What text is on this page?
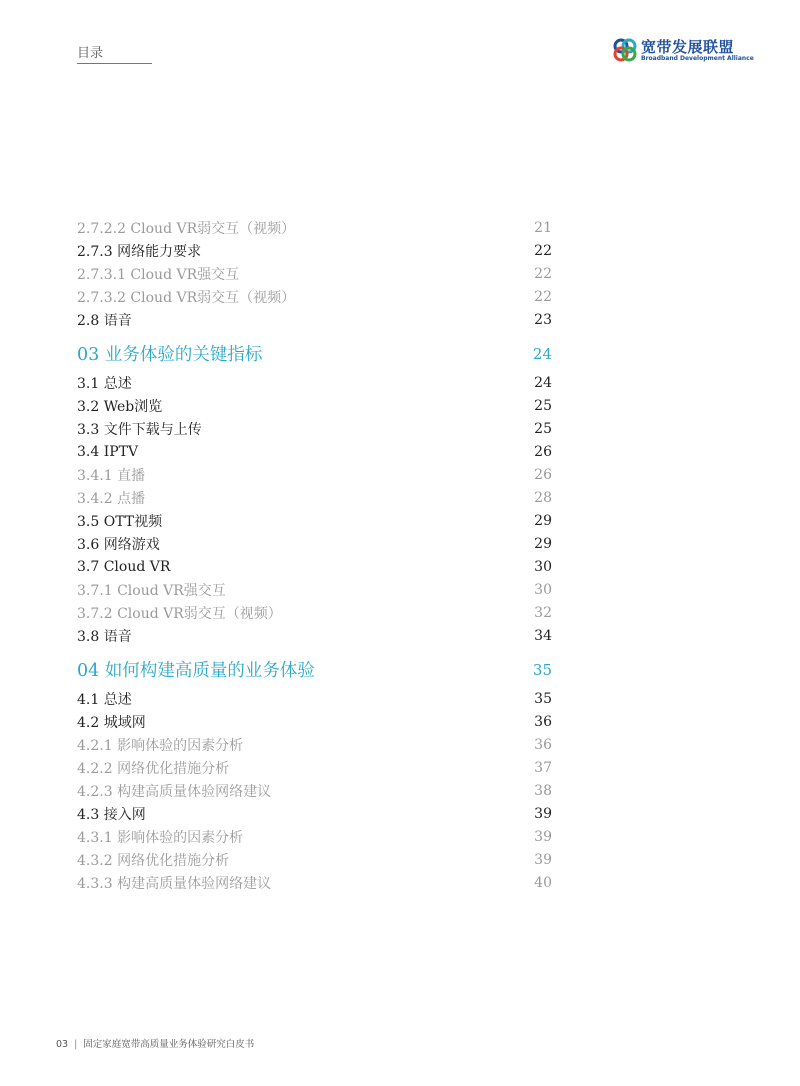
目录	宽带发展联盟
Broadband Development Alliance
2.7.2.2 Cloud VR弱交互（视频）	21
2.7.3 网络能力要求	22
2.7.3.1 Cloud VR强交互	22
2.7.3.2 Cloud VR弱交互（视频）	22
2.8 语音	23
03 业务体验的关键指标	24
3.1 总述	24
3.2 Web浏览	25
3.3 文件下载与上传	25
3.4 IPTV	26
3.4.1 直播	26
3.4.2 点播	28
3.5 OTT视频	29
3.6 网络游戏	29
3.7 Cloud VR	30
3.7.1 Cloud VR强交互	30
3.7.2 Cloud VR弱交互（视频）	32
3.8 语音	34
04 如何构建高质量的业务体验	35
4.1 总述	35
4.2 城域网	36
4.2.1 影响体验的因素分析	36
4.2.2 网络优化措施分析	37
4.2.3 构建高质量体验网络建议	38
4.3 接入网	39
4.3.1 影响体验的因素分析	39
4.3.2 网络优化措施分析	39
4.3.3 构建高质量体验网络建议	40
03 | 固定家庭宽带高质量业务体验研究白皮书
